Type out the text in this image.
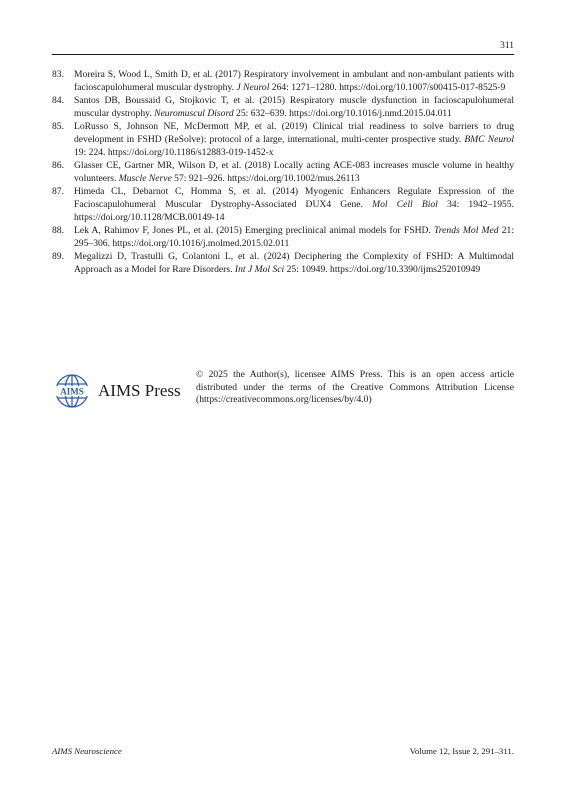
311
83.	Moreira S, Wood L, Smith D, et al. (2017) Respiratory involvement in ambulant and non-ambulant patients with facioscapulohumeral muscular dystrophy. J Neurol 264: 1271–1280. https://doi.org/10.1007/s00415-017-8525-9
84.	Santos DB, Boussaid G, Stojkovic T, et al. (2015) Respiratory muscle dysfunction in facioscapulohumeral muscular dystrophy. Neuromuscul Disord 25: 632–639. https://doi.org/10.1016/j.nmd.2015.04.011
85.	LoRusso S, Johnson NE, McDermott MP, et al. (2019) Clinical trial readiness to solve barriers to drug development in FSHD (ReSolve): protocol of a large, international, multi-center prospective study. BMC Neurol 19: 224. https://doi.org/10.1186/s12883-019-1452-x
86.	Glasser CE, Gartner MR, Wilson D, et al. (2018) Locally acting ACE-083 increases muscle volume in healthy volunteers. Muscle Nerve 57: 921–926. https://doi.org/10.1002/mus.26113
87.	Himeda CL, Debarnot C, Homma S, et al. (2014) Myogenic Enhancers Regulate Expression of the Facioscapulohumeral Muscular Dystrophy-Associated DUX4 Gene. Mol Cell Biol 34: 1942–1955. https://doi.org/10.1128/MCB.00149-14
88.	Lek A, Rahimov F, Jones PL, et al. (2015) Emerging preclinical animal models for FSHD. Trends Mol Med 21: 295–306. https://doi.org/10.1016/j.molmed.2015.02.011
89.	Megalizzi D, Trastulli G, Colantoni L, et al. (2024) Deciphering the Complexity of FSHD: A Multimodal Approach as a Model for Rare Disorders. Int J Mol Sci 25: 10949. https://doi.org/10.3390/ijms252010949
AIMS AIMS Press
© 2025 the Author(s), licensee AIMS Press. This is an open access article distributed under the terms of the Creative Commons Attribution License (https://creativecommons.org/licenses/by/4.0)
AIMS Neuroscience	Volume 12, Issue 2, 291–311.
